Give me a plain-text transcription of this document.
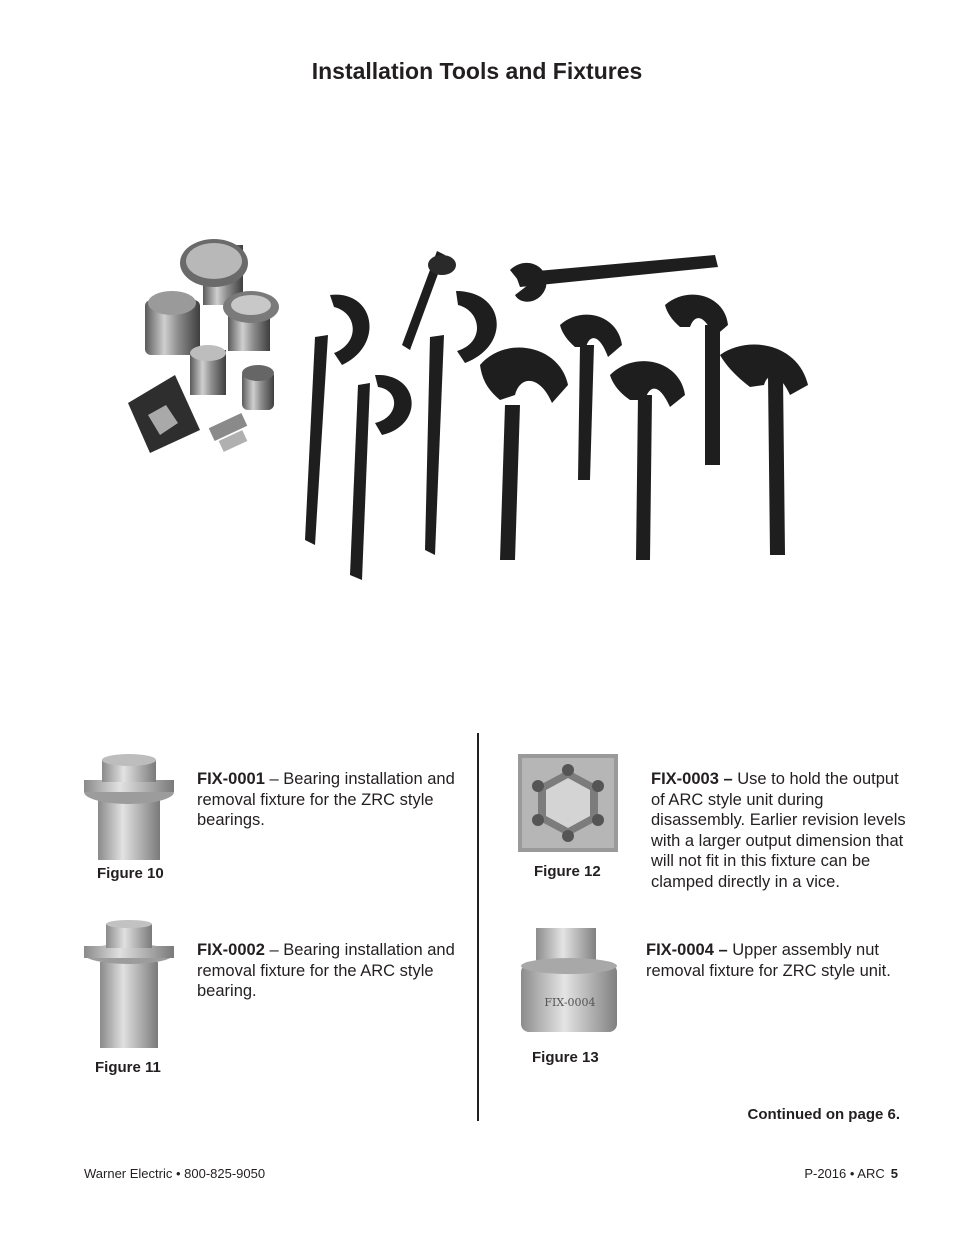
Installation Tools and Fixtures
Figure 10
FIX-0001 – Bearing installation and removal fixture for the ZRC style bearings.
Figure 11
FIX-0002 – Bearing installation and removal fixture for the ARC style bearing.
Figure 12
FIX-0003 – Use to hold the output of ARC style unit during disassembly. Earlier revision levels with a larger output dimension that will not fit in this fixture can be clamped directly in a vice.
FIX-0004
Figure 13
FIX-0004 – Upper assembly nut removal fixture for ZRC style unit.
Continued on page 6.
Warner Electric • 800-825-9050	P-2016 • ARC 5
